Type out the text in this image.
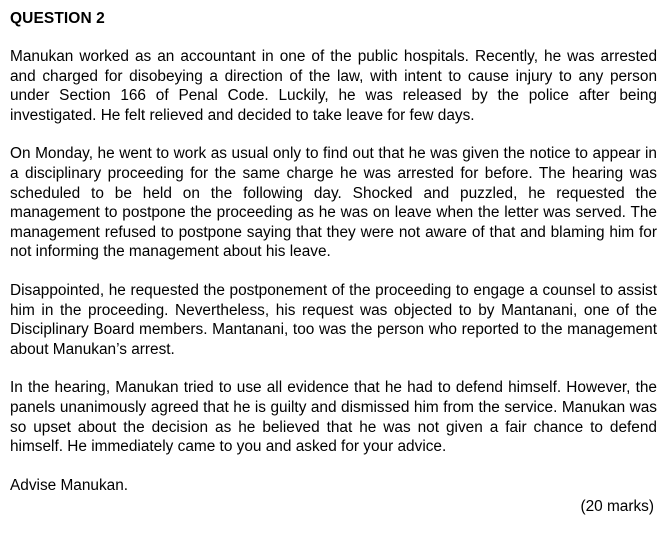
QUESTION 2

Manukan worked as an accountant in one of the public hospitals. Recently, he was arrested and charged for disobeying a direction of the law, with intent to cause injury to any person under Section 166 of Penal Code. Luckily, he was released by the police after being investigated. He felt relieved and decided to take leave for few days.

On Monday, he went to work as usual only to find out that he was given the notice to appear in a disciplinary proceeding for the same charge he was arrested for before. The hearing was scheduled to be held on the following day. Shocked and puzzled, he requested the management to postpone the proceeding as he was on leave when the letter was served. The management refused to postpone saying that they were not aware of that and blaming him for not informing the management about his leave.

Disappointed, he requested the postponement of the proceeding to engage a counsel to assist him in the proceeding. Nevertheless, his request was objected to by Mantanani, one of the Disciplinary Board members. Mantanani, too was the person who reported to the management about Manukan’s arrest.

In the hearing, Manukan tried to use all evidence that he had to defend himself. However, the panels unanimously agreed that he is guilty and dismissed him from the service. Manukan was so upset about the decision as he believed that he was not given a fair chance to defend himself. He immediately came to you and asked for your advice.

Advise Manukan.

(20 marks)
